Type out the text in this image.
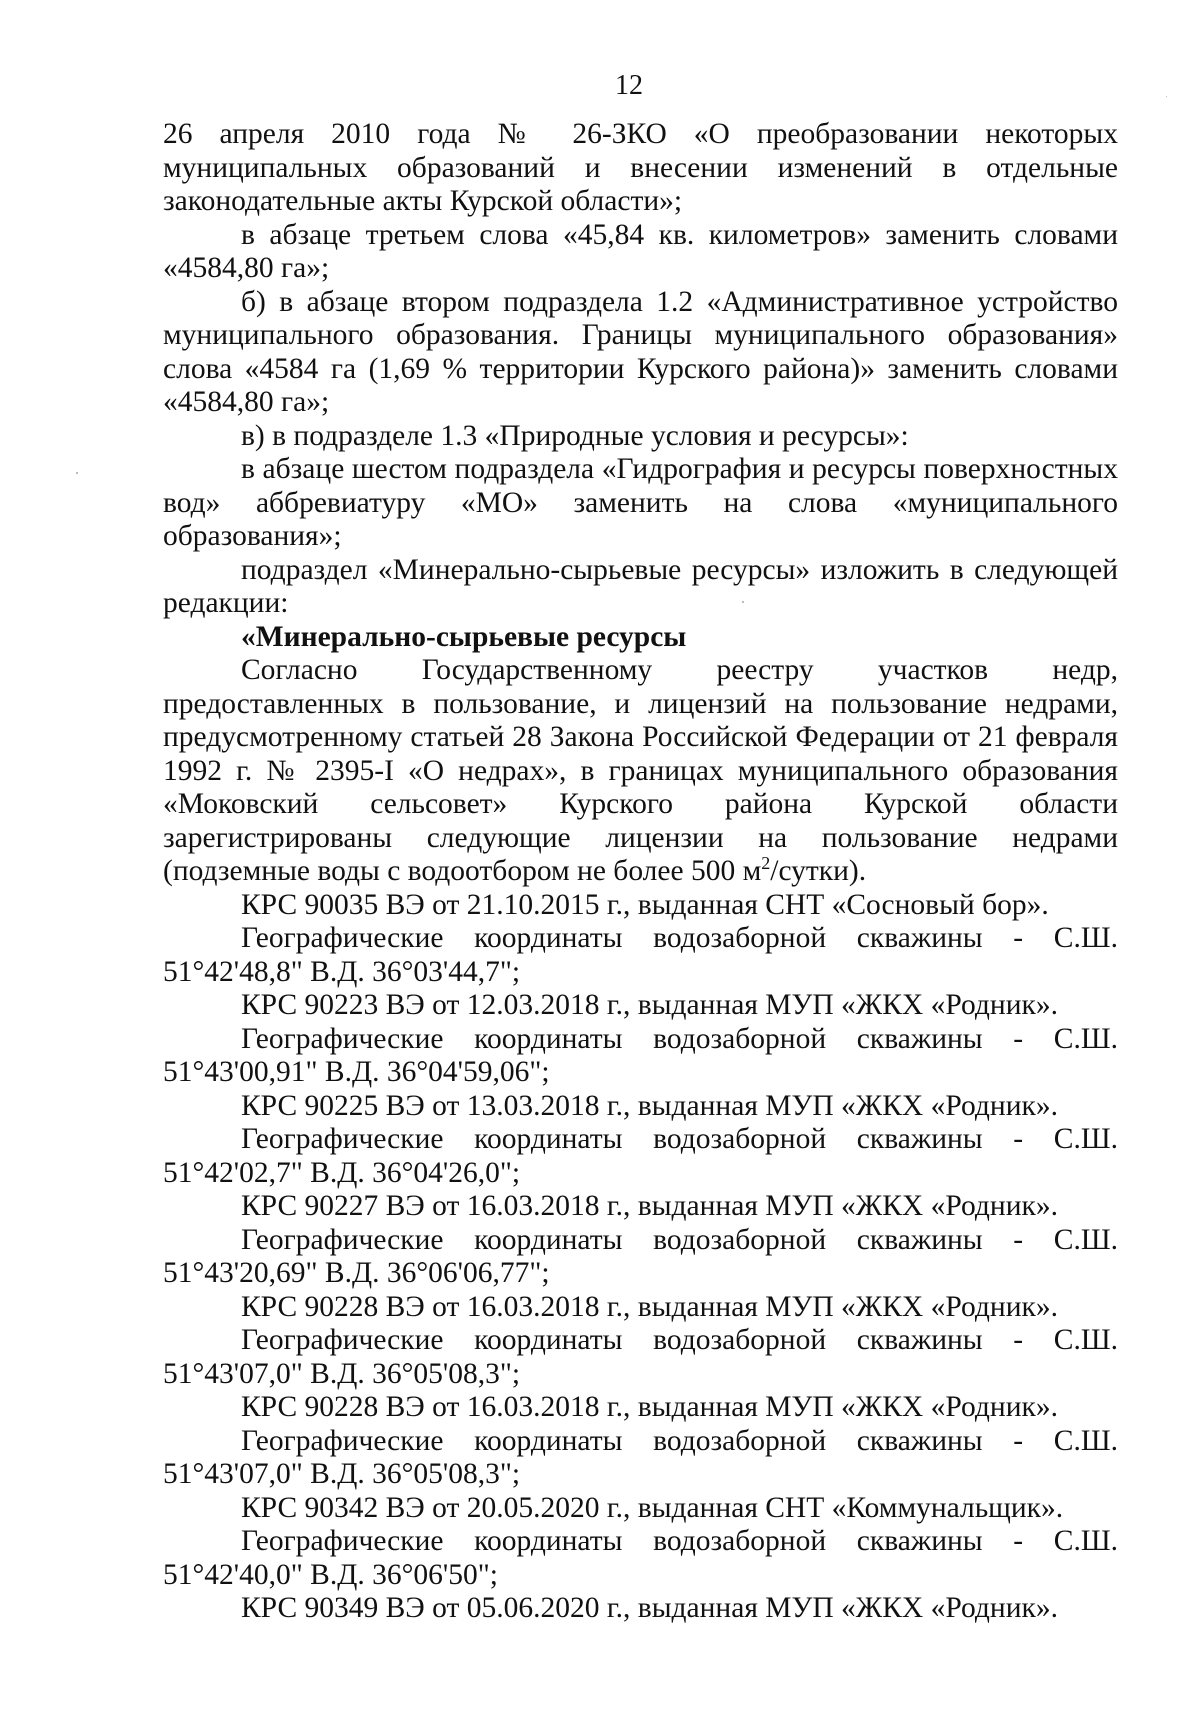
12

26 апреля 2010 года № 26-ЗКО «О преобразовании некоторых муниципальных образований и внесении изменений в отдельные законодательные акты Курской области»;

в абзаце третьем слова «45,84 кв. километров» заменить словами «4584,80 га»;

б) в абзаце втором подраздела 1.2 «Административное устройство муниципального образования. Границы муниципального образования» слова «4584 га (1,69 % территории Курского района)» заменить словами «4584,80 га»;

в) в подразделе 1.3 «Природные условия и ресурсы»:

в абзаце шестом подраздела «Гидрография и ресурсы поверхностных вод» аббревиатуру «МО» заменить на слова «муниципального образования»;

подраздел «Минерально-сырьевые ресурсы» изложить в следующей редакции:

«Минерально-сырьевые ресурсы

Согласно Государственному реестру участков недр, предоставленных в пользование, и лицензий на пользование недрами, предусмотренному статьей 28 Закона Российской Федерации от 21 февраля 1992 г. № 2395-I «О недрах», в границах муниципального образования «Моковский сельсовет» Курского района Курской области зарегистрированы следующие лицензии на пользование недрами (подземные воды с водоотбором не более 500 $м^2/сутки$).

КРС 90035 ВЭ от 21.10.2015 г., выданная СНТ «Сосновый бор».

Географические координаты водозаборной скважины - С.Ш.
51°42'48,8" В.Д. 36°03'44,7";

КРС 90223 ВЭ от 12.03.2018 г., выданная МУП «ЖКХ «Родник».

Географические координаты водозаборной скважины - С.Ш.
51°43'00,91" В.Д. 36°04'59,06";

КРС 90225 ВЭ от 13.03.2018 г., выданная МУП «ЖКХ «Родник».

Географические координаты водозаборной скважины - С.Ш.
51°42'02,7" В.Д. 36°04'26,0";

КРС 90227 ВЭ от 16.03.2018 г., выданная МУП «ЖКХ «Родник».

Географические координаты водозаборной скважины - С.Ш.
51°43'20,69" В.Д. 36°06'06,77";

КРС 90228 ВЭ от 16.03.2018 г., выданная МУП «ЖКХ «Родник».

Географические координаты водозаборной скважины - С.Ш.
51°43'07,0" В.Д. 36°05'08,3";

КРС 90228 ВЭ от 16.03.2018 г., выданная МУП «ЖКХ «Родник».

Географические координаты водозаборной скважины - С.Ш.
51°43'07,0" В.Д. 36°05'08,3";

КРС 90342 ВЭ от 20.05.2020 г., выданная СНТ «Коммунальщик».

Географические координаты водозаборной скважины - С.Ш.
51°42'40,0" В.Д. 36°06'50";

КРС 90349 ВЭ от 05.06.2020 г., выданная МУП «ЖКХ «Родник».
